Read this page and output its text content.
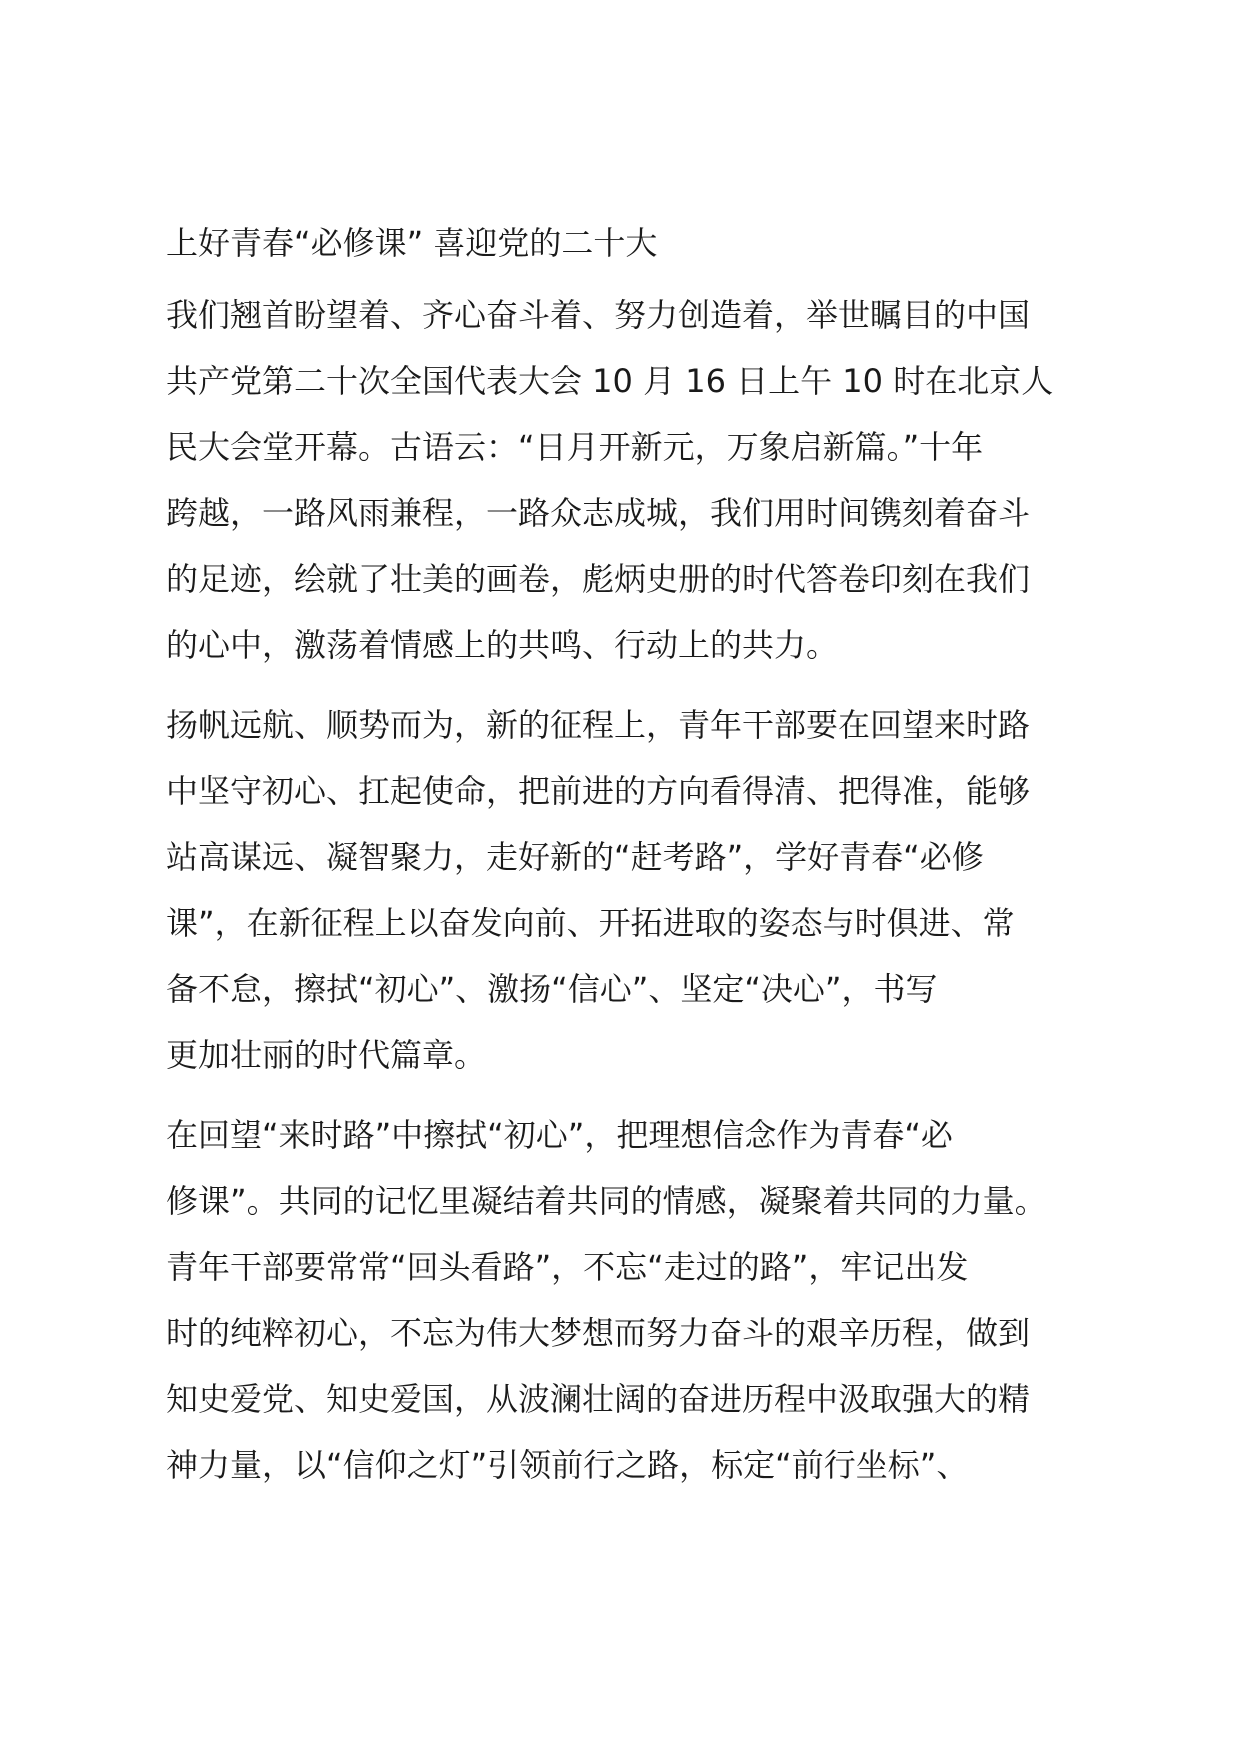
上好青春“必修课” 喜迎党的二十大
我们翘首盼望着、齐心奋斗着、努力创造着，举世瞩目的中国
共产党第二十次全国代表大会 10 月 16 日上午 10 时在北京人
民大会堂开幕。古语云：“日月开新元，万象启新篇。”十年
跨越，一路风雨兼程，一路众志成城，我们用时间镌刻着奋斗
的足迹，绘就了壮美的画卷，彪炳史册的时代答卷印刻在我们
的心中，激荡着情感上的共鸣、行动上的共力。
扬帆远航、顺势而为，新的征程上，青年干部要在回望来时路
中坚守初心、扛起使命，把前进的方向看得清、把得准，能够
站高谋远、凝智聚力，走好新的“赶考路”，学好青春“必修
课”，在新征程上以奋发向前、开拓进取的姿态与时俱进、常
备不怠，擦拭“初心”、激扬“信心”、坚定“决心”，书写
更加壮丽的时代篇章。
在回望“来时路”中擦拭“初心”，把理想信念作为青春“必
修课”。共同的记忆里凝结着共同的情感，凝聚着共同的力量。
青年干部要常常“回头看路”，不忘“走过的路”，牢记出发
时的纯粹初心，不忘为伟大梦想而努力奋斗的艰辛历程，做到
知史爱党、知史爱国，从波澜壮阔的奋进历程中汲取强大的精
神力量，以“信仰之灯”引领前行之路，标定“前行坐标”、
